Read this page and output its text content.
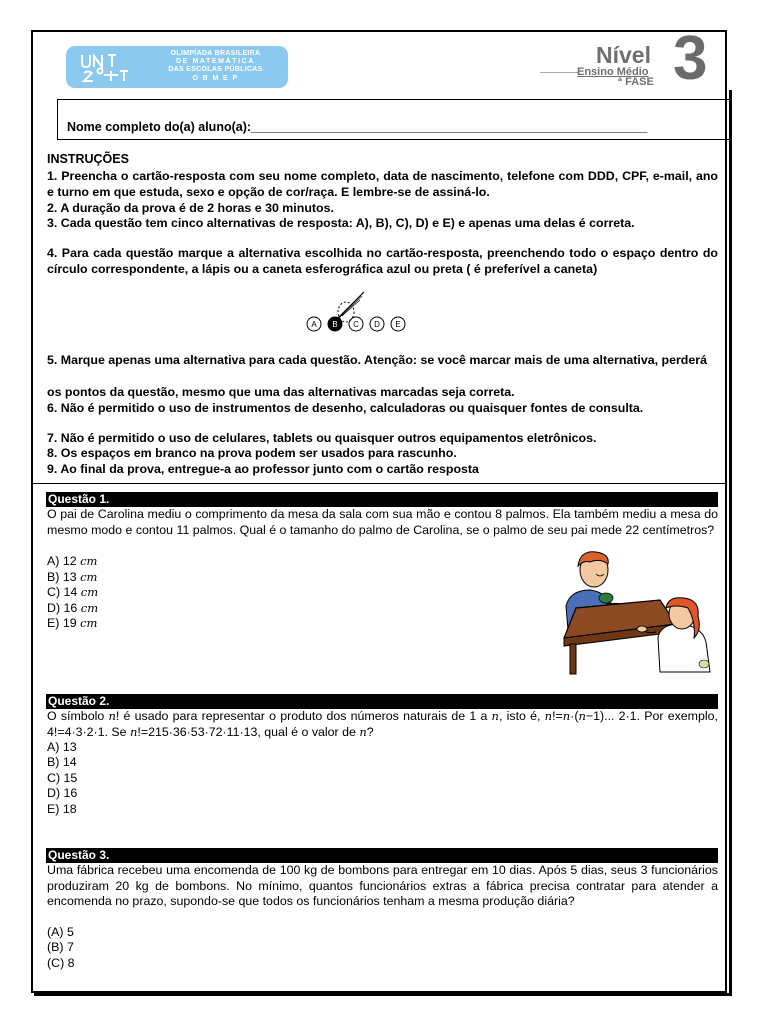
OLIMPÍADA BRASILEIRA
DE MATEMÁTICA
DAS ESCOLAS PÚBLICAS
O B M E P
Nível 3
Ensino Médio
ª FASE
Nome completo do(a) aluno(a):_________________________________________________________
INSTRUÇÕES
1. Preencha o cartão-resposta com seu nome completo, data de nascimento, telefone com DDD, CPF, e-mail, ano e turno em que estuda, sexo e opção de cor/raça. E lembre-se de assiná-lo.
2. A duração da prova é de 2 horas e 30 minutos.
3. Cada questão tem cinco alternativas de resposta: A), B), C), D) e E) e apenas uma delas é correta.
4. Para cada questão marque a alternativa escolhida no cartão-resposta, preenchendo todo o espaço dentro do círculo correspondente, a lápis ou a caneta esferográfica azul ou preta ( é preferível a caneta)
A B C D E
5. Marque apenas uma alternativa para cada questão. Atenção: se você marcar mais de uma alternativa, perderá
os pontos da questão, mesmo que uma das alternativas marcadas seja correta.
6. Não é permitido o uso de instrumentos de desenho, calculadoras ou quaisquer fontes de consulta.
7. Não é permitido o uso de celulares, tablets ou quaisquer outros equipamentos eletrônicos.
8. Os espaços em branco na prova podem ser usados para rascunho.
9. Ao final da prova, entregue-a ao professor junto com o cartão resposta
Questão 1.
O pai de Carolina mediu o comprimento da mesa da sala com sua mão e contou 8 palmos. Ela também mediu a mesa do mesmo modo e contou 11 palmos. Qual é o tamanho do palmo de Carolina, se o palmo de seu pai mede 22 centímetros?
A) 12 cm
B) 13 cm
C) 14 cm
D) 16 cm
E) 19 cm
Questão 2.
O símbolo n! é usado para representar o produto dos números naturais de 1 a n, isto é, n!=n·(n−1)... 2·1. Por exemplo, 4!=4·3·2·1. Se n!=215·36·53·72·11·13, qual é o valor de n?
A) 13
B) 14
C) 15
D) 16
E) 18
Questão 3.
Uma fábrica recebeu uma encomenda de 100 kg de bombons para entregar em 10 dias. Após 5 dias, seus 3 funcionários produziram 20 kg de bombons. No mínimo, quantos funcionários extras a fábrica precisa contratar para atender a encomenda no prazo, supondo-se que todos os funcionários tenham a mesma produção diária?
(A) 5
(B) 7
(C) 8
